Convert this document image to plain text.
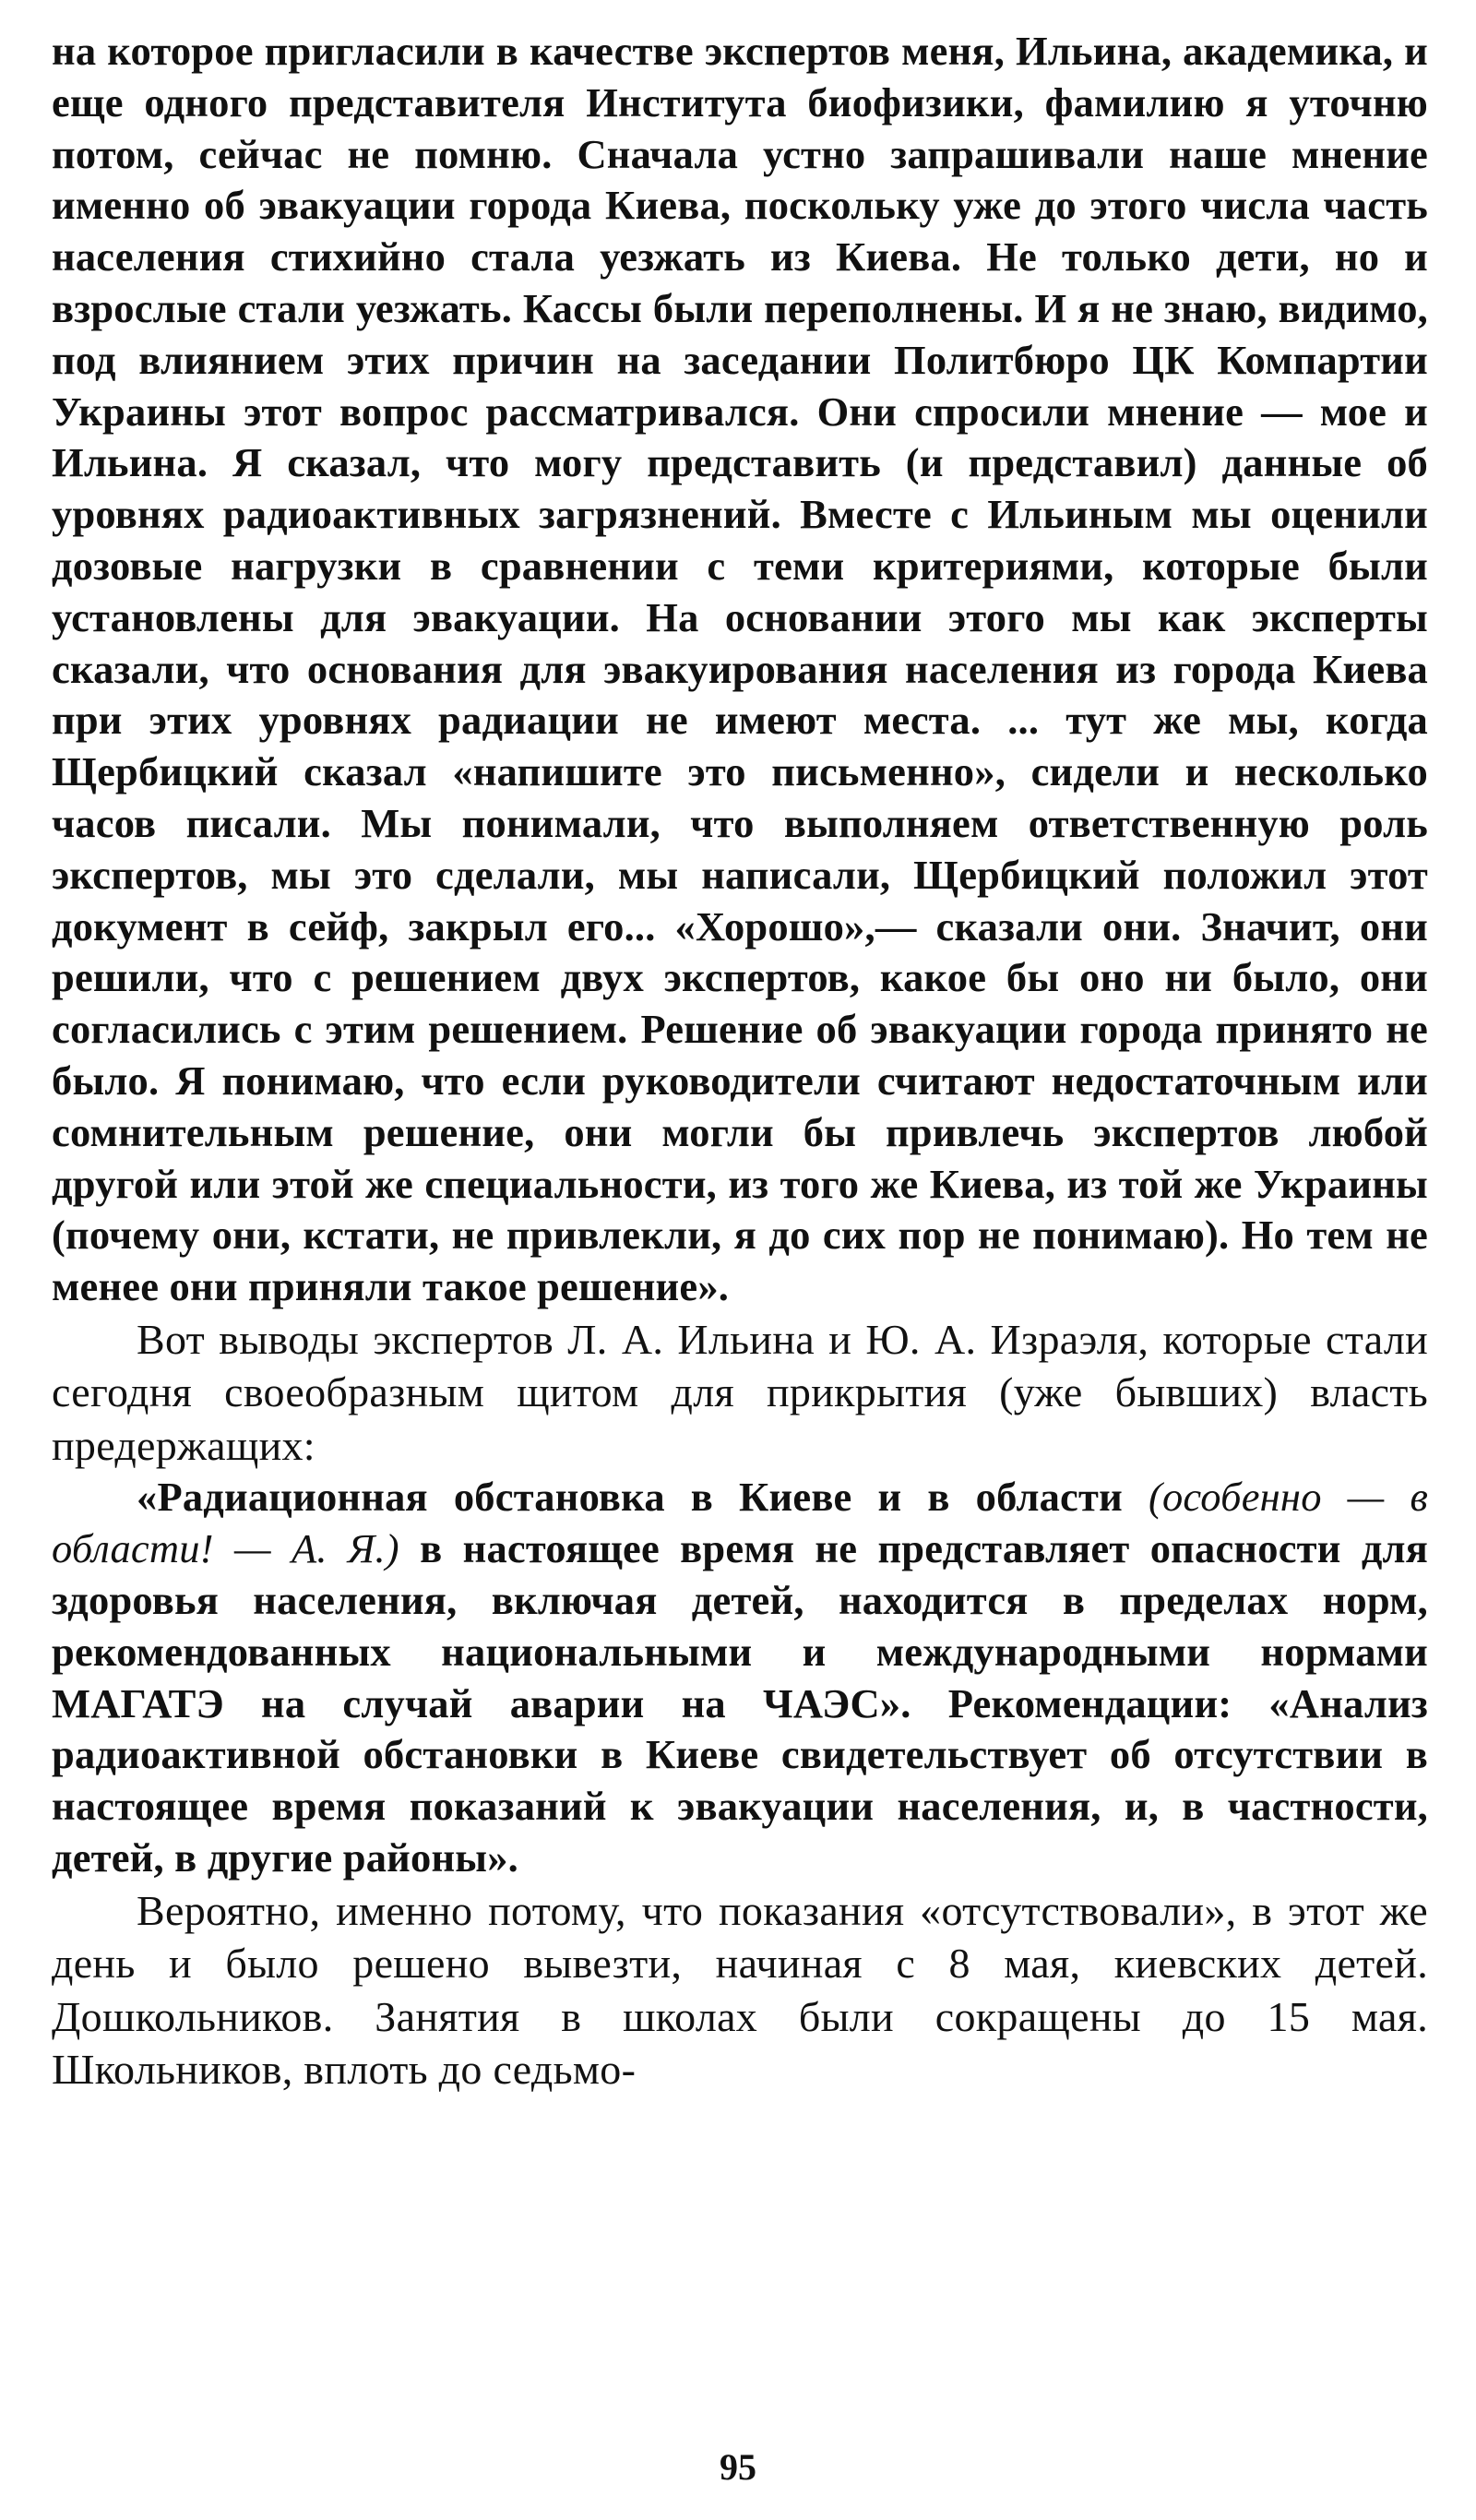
на которое пригласили в качестве экспертов меня, Ильина, академика, и еще одного представителя Института биофизики, фамилию я уточню потом, сейчас не помню. Сначала устно запрашивали наше мнение именно об эвакуации города Киева, поскольку уже до этого числа часть населения стихийно стала уезжать из Киева. Не только дети, но и взрослые стали уезжать. Кассы были переполнены. И я не знаю, видимо, под влиянием этих причин на заседании Политбюро ЦК Компартии Украины этот вопрос рассматривался. Они спросили мнение — мое и Ильина. Я сказал, что могу представить (и представил) данные об уровнях радиоактивных загрязнений. Вместе с Ильиным мы оценили дозовые нагрузки в сравнении с теми критериями, которые были установлены для эвакуации. На основании этого мы как эксперты сказали, что основания для эвакуирования населения из города Киева при этих уровнях радиации не имеют места. ... тут же мы, когда Щербицкий сказал «напишите это письменно», сидели и несколько часов писали. Мы понимали, что выполняем ответственную роль экспертов, мы это сделали, мы написали, Щербицкий положил этот документ в сейф, закрыл его... «Хорошо»,— сказали они. Значит, они решили, что с решением двух экспертов, какое бы оно ни было, они согласились с этим решением. Решение об эвакуации города принято не было. Я понимаю, что если руководители считают недостаточным или сомнительным решение, они могли бы привлечь экспертов любой другой или этой же специальности, из того же Киева, из той же Украины (почему они, кстати, не привлекли, я до сих пор не понимаю). Но тем не менее они приняли такое решение».

Вот выводы экспертов Л. А. Ильина и Ю. А. Израэля, которые стали сегодня своеобразным щитом для прикрытия (уже бывших) власть предержащих:

«Радиационная обстановка в Киеве и в области (особенно — в области! — А. Я.) в настоящее время не представляет опасности для здоровья населения, включая детей, находится в пределах норм, рекомендованных национальными и международными нормами МАГАТЭ на случай аварии на ЧАЭС». Рекомендации: «Анализ радиоактивной обстановки в Киеве свидетельствует об отсутствии в настоящее время показаний к эвакуации населения, и, в частности, детей, в другие районы».

Вероятно, именно потому, что показания «отсутствовали», в этот же день и было решено вывезти, начиная с 8 мая, киевских детей. Дошкольников. Занятия в школах были сокращены до 15 мая. Школьников, вплоть до седьмо-

95
